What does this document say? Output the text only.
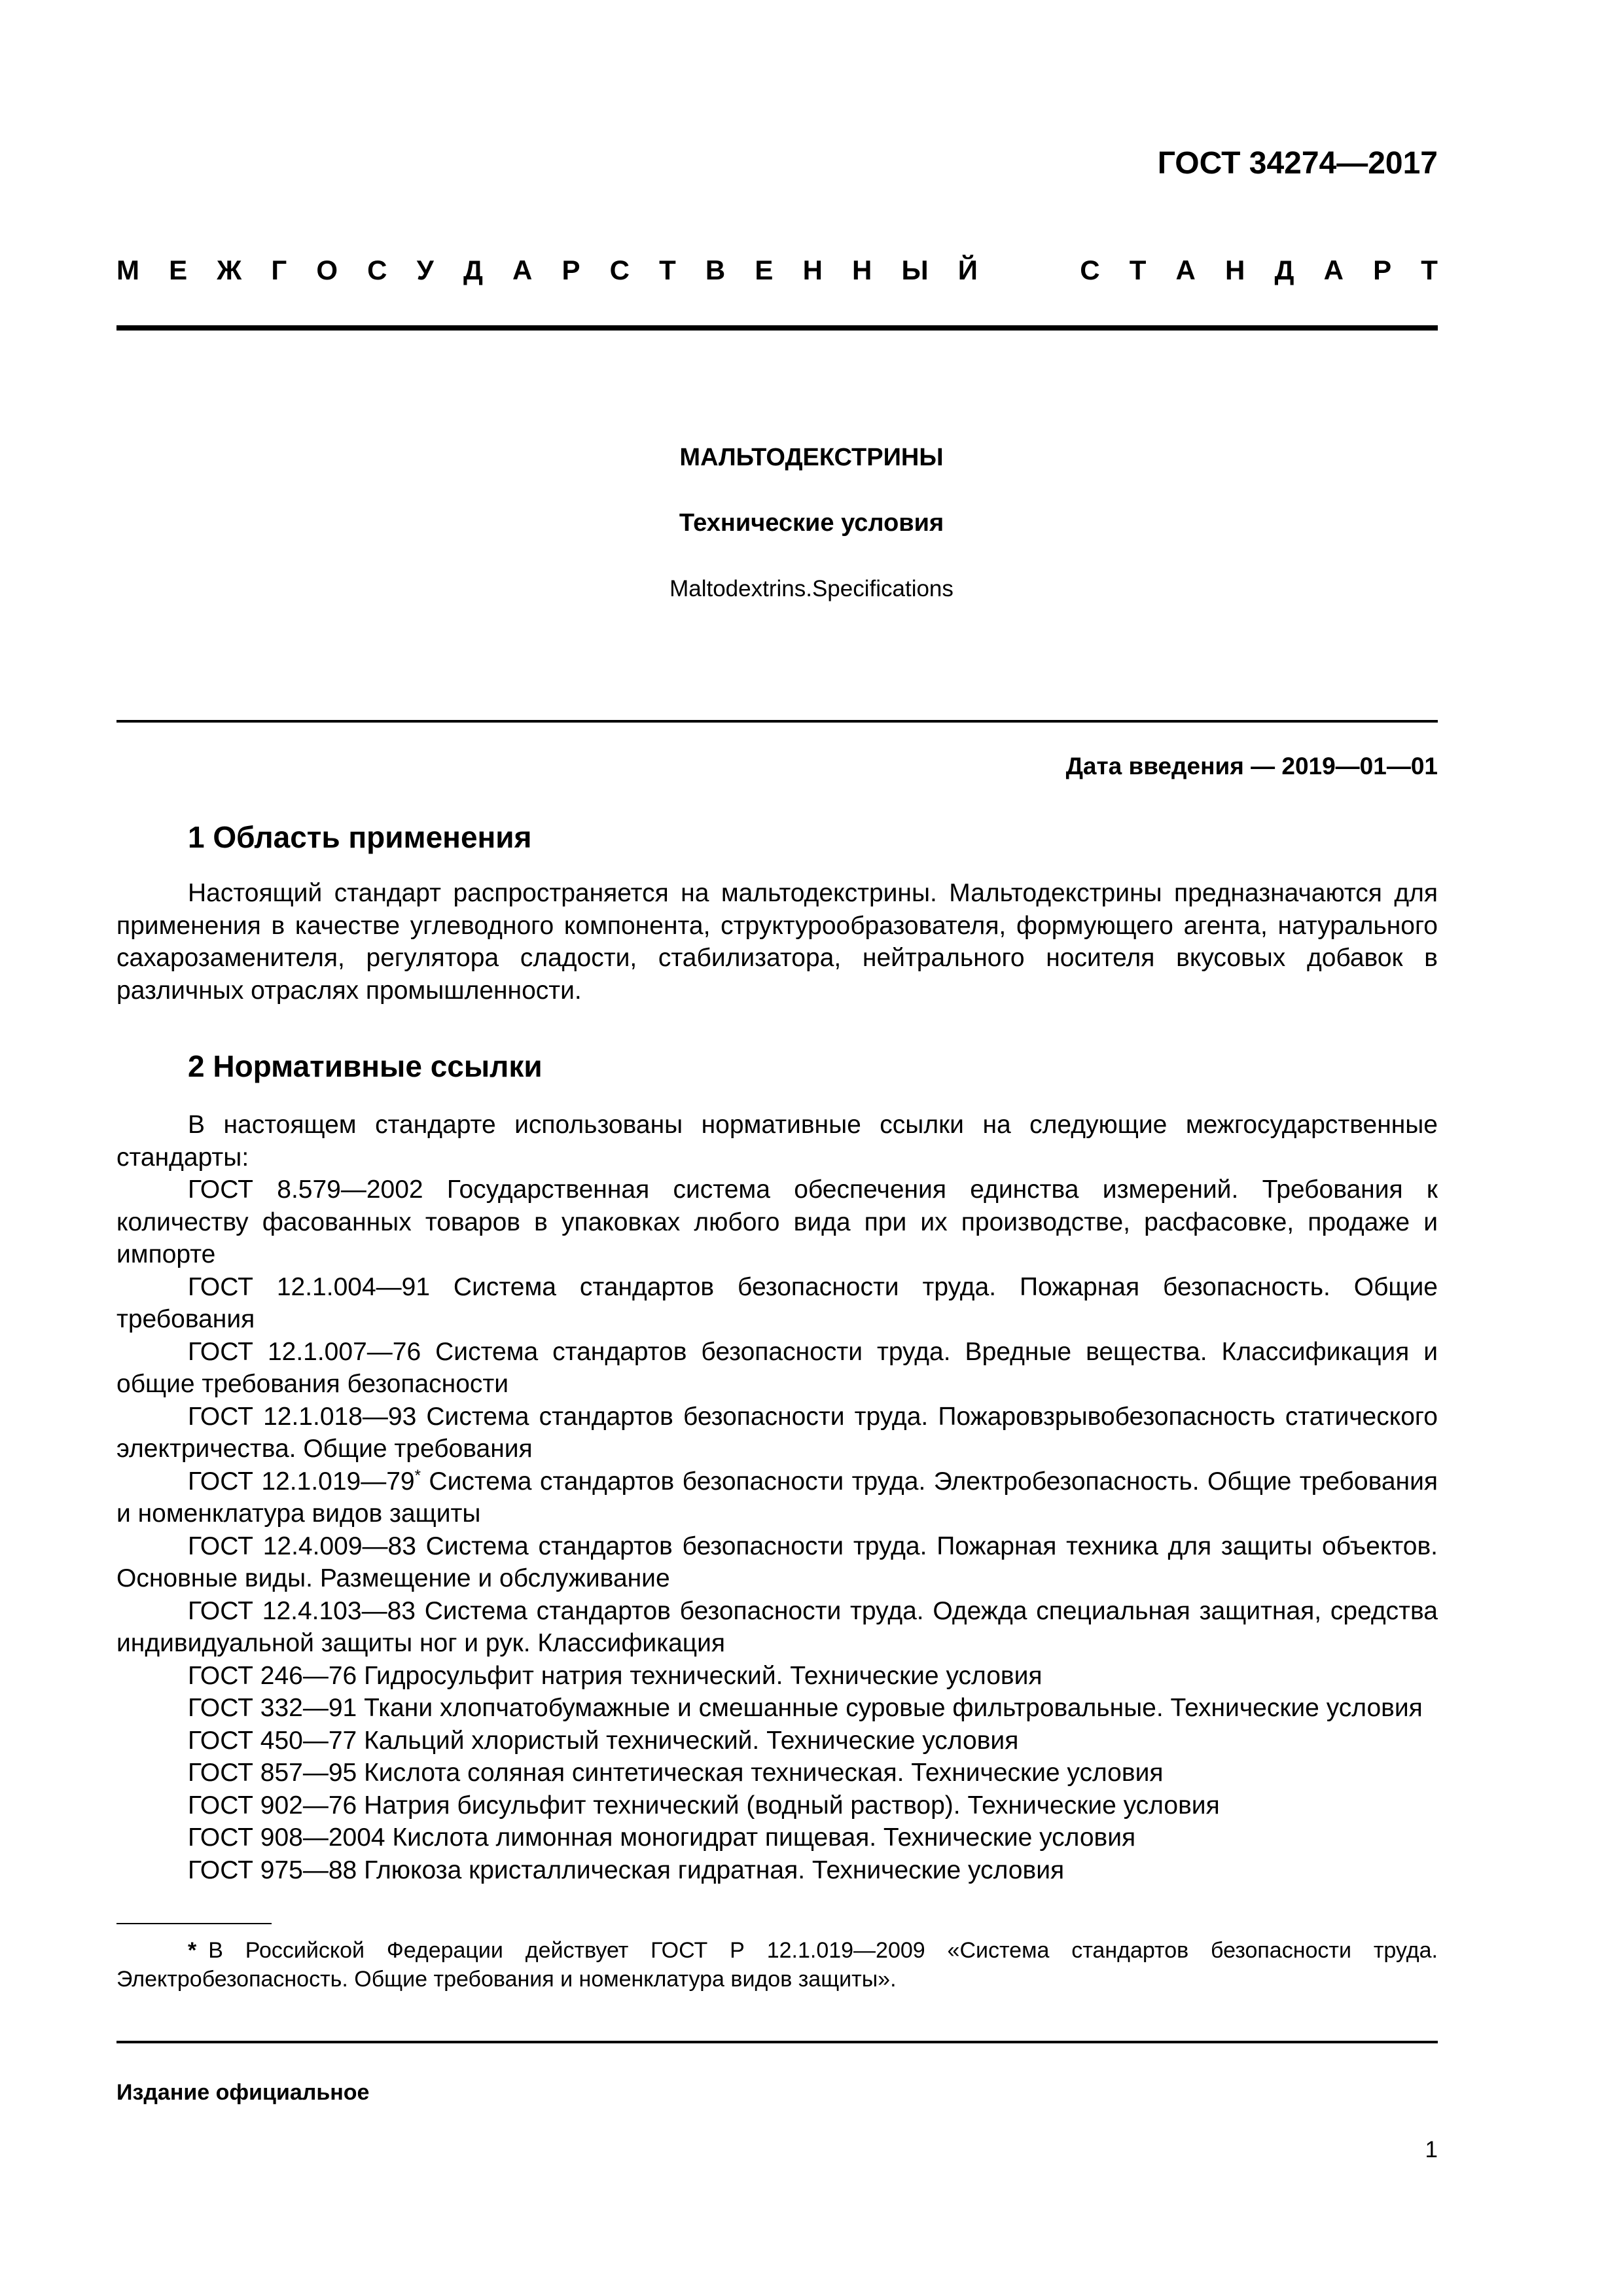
ГОСТ 34274—2017
М Е Ж Г О С У Д А Р С Т В Е Н Н Ы Й	С Т А Н Д А Р Т
МАЛЬТОДЕКСТРИНЫ
Технические условия
Maltodextrins.Specifications
Дата введения — 2019—01—01
1 Область применения

Настоящий стандарт распространяется на мальтодекстрины. Мальтодекстрины предназначаются для применения в качестве углеводного компонента, структурообразователя, формующего агента, натурального сахарозаменителя, регулятора сладости, стабилизатора, нейтрального носителя вкусовых добавок в различных отраслях промышленности.

2 Нормативные ссылки

В настоящем стандарте использованы нормативные ссылки на следующие межгосударственные стандарты:

ГОСТ 8.579—2002 Государственная система обеспечения единства измерений. Требования к количеству фасованных товаров в упаковках любого вида при их производстве, расфасовке, продаже и импорте
ГОСТ 12.1.004—91 Система стандартов безопасности труда. Пожарная безопасность. Общие требования
ГОСТ 12.1.007—76 Система стандартов безопасности труда. Вредные вещества. Классификация и общие требования безопасности
ГОСТ 12.1.018—93 Система стандартов безопасности труда. Пожаровзрывобезопасность статического электричества. Общие требования
ГОСТ 12.1.019—79* Система стандартов безопасности труда. Электробезопасность. Общие требования и номенклатура видов защиты
ГОСТ 12.4.009—83 Система стандартов безопасности труда. Пожарная техника для защиты объектов. Основные виды. Размещение и обслуживание
ГОСТ 12.4.103—83 Система стандартов безопасности труда. Одежда специальная защитная, средства индивидуальной защиты ног и рук. Классификация
ГОСТ 246—76 Гидросульфит натрия технический. Технические условия
ГОСТ 332—91 Ткани хлопчатобумажные и смешанные суровые фильтровальные. Технические условия
ГОСТ 450—77 Кальций хлористый технический. Технические условия
ГОСТ 857—95 Кислота соляная синтетическая техническая. Технические условия
ГОСТ 902—76 Натрия бисульфит технический (водный раствор). Технические условия
ГОСТ 908—2004 Кислота лимонная моногидрат пищевая. Технические условия
ГОСТ 975—88 Глюкоза кристаллическая гидратная. Технические условия

* В Российской Федерации действует ГОСТ Р 12.1.019—2009 «Система стандартов безопасности труда. Электробезопасность. Общие требования и номенклатура видов защиты».

Издание официальное
1
